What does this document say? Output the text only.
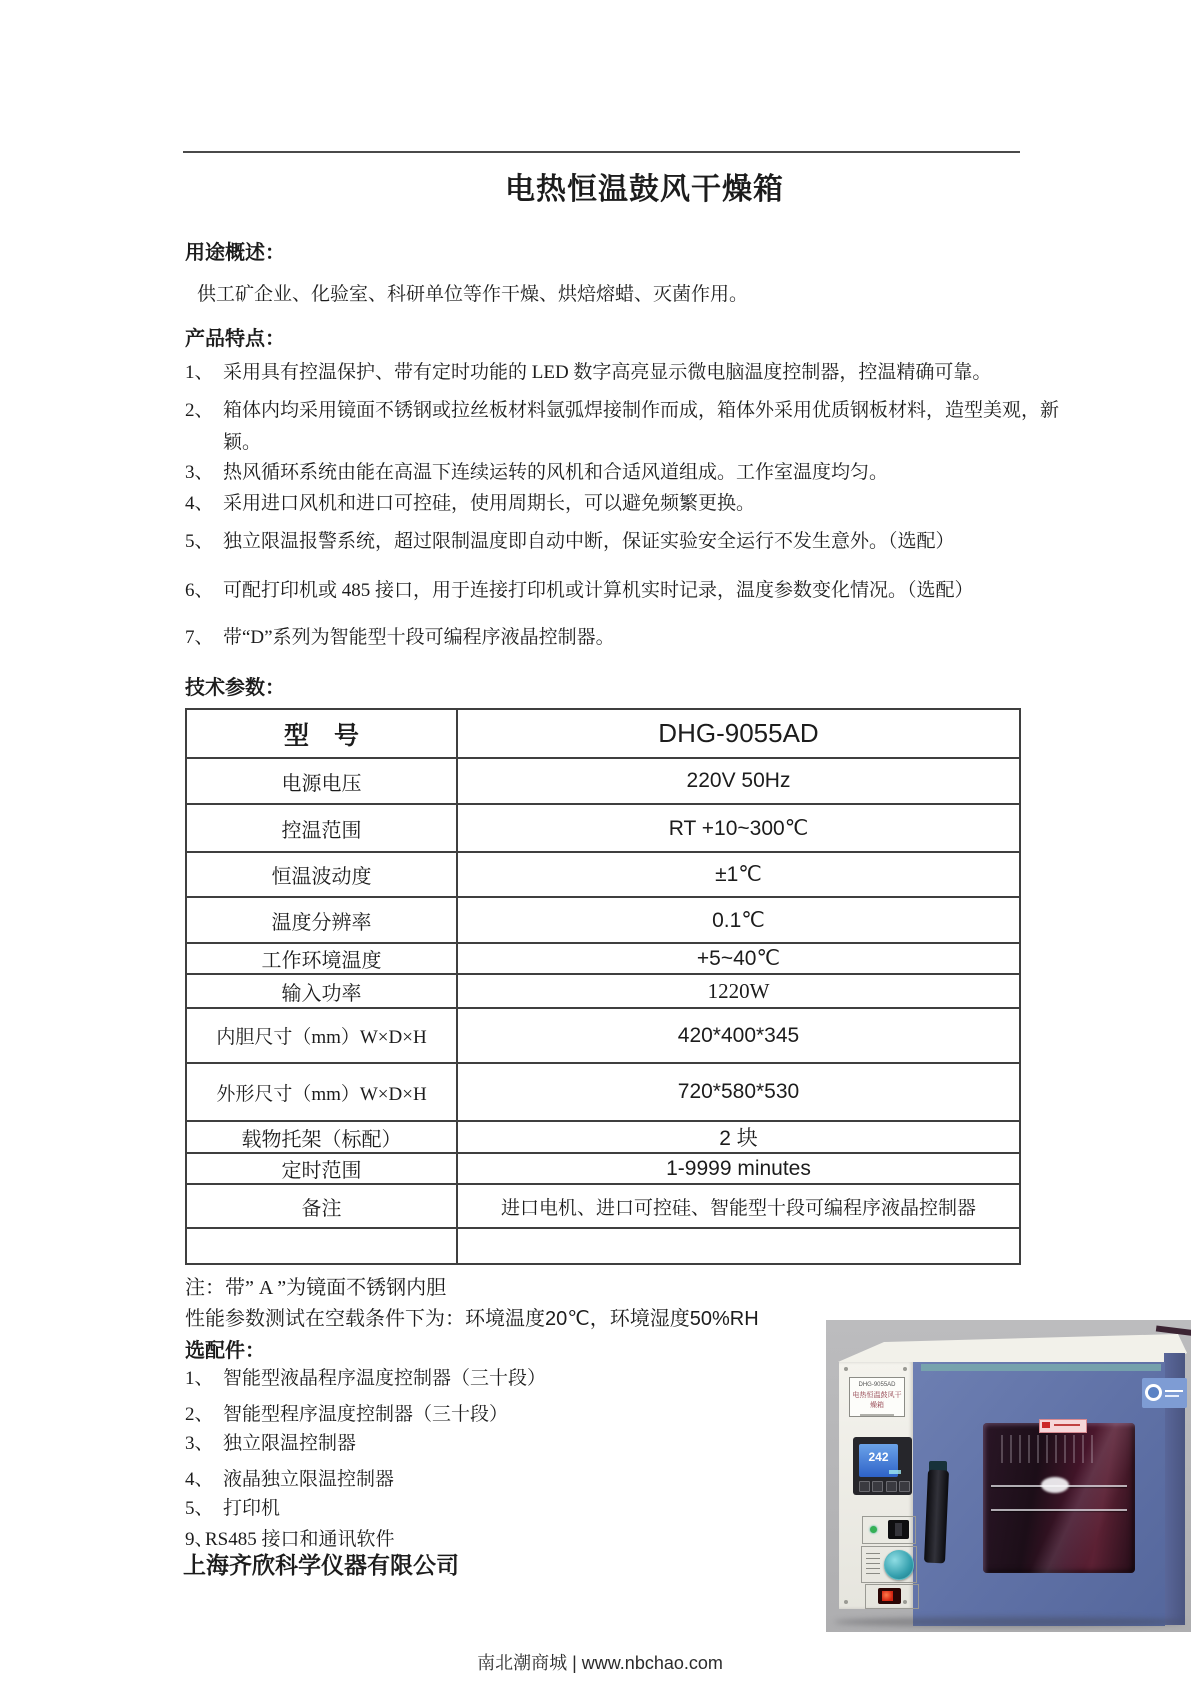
电热恒温鼓风干燥箱
用途概述：
供工矿企业、化验室、科研单位等作干燥、烘焙熔蜡、灭菌作用。
产品特点：
1、 采用具有控温保护、带有定时功能的 LED 数字高亮显示微电脑温度控制器，控温精确可靠。
2、 箱体内均采用镜面不锈钢或拉丝板材料氩弧焊接制作而成，箱体外采用优质钢板材料，造型美观，新颖。
3、 热风循环系统由能在高温下连续运转的风机和合适风道组成。工作室温度均匀。
4、 采用进口风机和进口可控硅，使用周期长，可以避免频繁更换。
5、 独立限温报警系统，超过限制温度即自动中断，保证实验安全运行不发生意外。（选配）
6、 可配打印机或 485 接口，用于连接打印机或计算机实时记录，温度参数变化情况。（选配）
7、 带“D”系列为智能型十段可编程序液晶控制器。
技术参数：
型　号	DHG-9055AD
电源电压	220V 50Hz
控温范围	RT +10~300℃
恒温波动度	±1℃
温度分辨率	0.1℃
工作环境温度	+5~40℃
输入功率	1220W
内胆尺寸（mm）W×D×H	420*400*345
外形尺寸（mm）W×D×H	720*580*530
载物托架（标配）	2 块
定时范围	1-9999 minutes
备注	进口电机、进口可控硅、智能型十段可编程序液晶控制器

注：带” A ”为镜面不锈钢内胆
性能参数测试在空载条件下为：环境温度20℃，环境湿度50%RH
选配件：
1、 智能型液晶程序温度控制器（三十段）
2、 智能型程序温度控制器（三十段）
3、 独立限温控制器
4、 液晶独立限温控制器
5、 打印机
9、RS485 接口和通讯软件
上海齐欣科学仪器有限公司
DHG-9055AD
电热恒温鼓风干燥箱
242
南北潮商城 | www.nbchao.com
